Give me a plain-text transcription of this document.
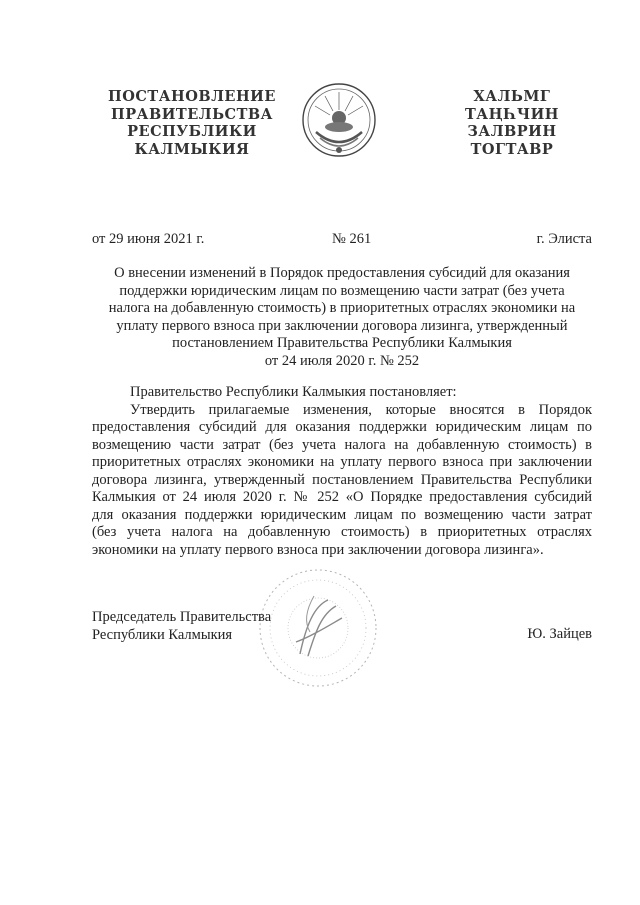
ПОСТАНОВЛЕНИЕ
ПРАВИТЕЛЬСТВА
РЕСПУБЛИКИ
КАЛМЫКИЯ
ХАЛЬМГ
ТАҢҺЧИН
ЗАЛВРИН
ТОГТАВР
от 29 июня 2021 г.	№ 261	г. Элиста
О внесении изменений в Порядок предоставления субсидий для оказания
поддержки юридическим лицам по возмещению части затрат (без учета
налога на добавленную стоимость) в приоритетных отраслях экономики на
уплату первого взноса при заключении договора лизинга, утвержденный
постановлением Правительства Республики Калмыкия
от 24 июля 2020 г. № 252
Правительство Республики Калмыкия постановляет:
Утвердить прилагаемые изменения, которые вносятся в Порядок
предоставления субсидий для оказания поддержки юридическим лицам по
возмещению части затрат (без учета налога на добавленную стоимость) в
приоритетных отраслях экономики на уплату первого взноса при заключении
договора лизинга, утвержденный постановлением Правительства Республики
Калмыкия от 24 июля 2020 г. № 252 «О Порядке предоставления субсидий
для оказания поддержки юридическим лицам по возмещению части затрат
(без учета налога на добавленную стоимость) в приоритетных отраслях
экономики на уплату первого взноса при заключении договора лизинга».
Председатель Правительства
Республики Калмыкия	Ю. Зайцев
